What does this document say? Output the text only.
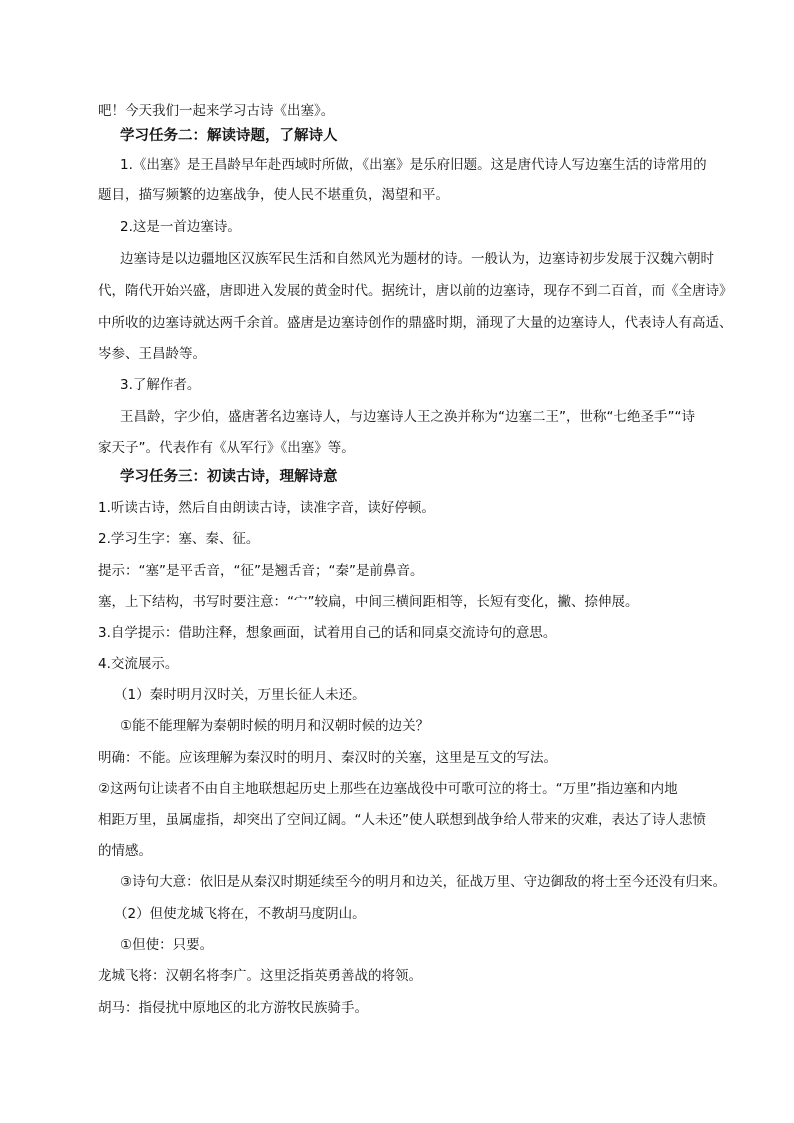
吧！今天我们一起来学习古诗《出塞》。
学习任务二：解读诗题，了解诗人
1.《出塞》是王昌龄早年赴西域时所做，《出塞》是乐府旧题。这是唐代诗人写边塞生活的诗常用的
题目，描写频繁的边塞战争，使人民不堪重负，渴望和平。
2.这是一首边塞诗。
边塞诗是以边疆地区汉族军民生活和自然风光为题材的诗。一般认为，边塞诗初步发展于汉魏六朝时
代，隋代开始兴盛，唐即进入发展的黄金时代。据统计，唐以前的边塞诗，现存不到二百首，而《全唐诗》
中所收的边塞诗就达两千余首。盛唐是边塞诗创作的鼎盛时期，涌现了大量的边塞诗人，代表诗人有高适、
岑参、王昌龄等。
3.了解作者。
王昌龄，字少伯，盛唐著名边塞诗人，与边塞诗人王之涣并称为“边塞二王”，世称“七绝圣手”“诗
家天子”。代表作有《从军行》《出塞》等。
学习任务三：初读古诗，理解诗意
1.听读古诗，然后自由朗读古诗，读准字音，读好停顿。
2.学习生字：塞、秦、征。
提示：“塞”是平舌音，“征”是翘舌音；“秦”是前鼻音。
塞，上下结构，书写时要注意：“宀”较扁，中间三横间距相等，长短有变化，撇、捺伸展。
3.自学提示：借助注释，想象画面，试着用自己的话和同桌交流诗句的意思。
4.交流展示。
（1）秦时明月汉时关，万里长征人未还。
①能不能理解为秦朝时候的明月和汉朝时候的边关？
明确：不能。应该理解为秦汉时的明月、秦汉时的关塞，这里是互文的写法。
②这两句让读者不由自主地联想起历史上那些在边塞战役中可歌可泣的将士。“万里”指边塞和内地
相距万里，虽属虚指，却突出了空间辽阔。“人未还”使人联想到战争给人带来的灾难，表达了诗人悲愤
的情感。
③诗句大意：依旧是从秦汉时期延续至今的明月和边关，征战万里、守边御敌的将士至今还没有归来。
（2）但使龙城飞将在，不教胡马度阴山。
①但使：只要。
龙城飞将：汉朝名将李广。这里泛指英勇善战的将领。
胡马：指侵扰中原地区的北方游牧民族骑手。
